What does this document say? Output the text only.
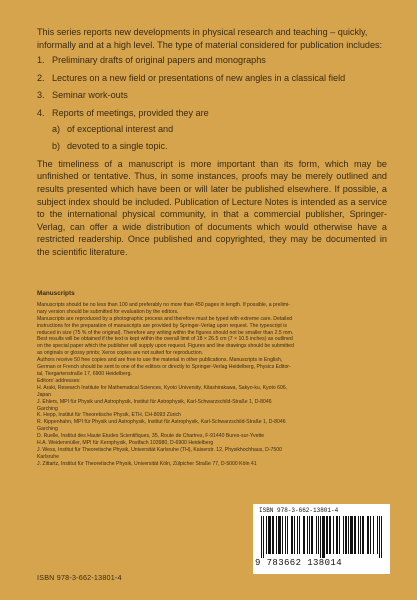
This series reports new developments in physical research and teaching – quickly, informally and at a high level. The type of material considered for publication includes:

1. Preliminary drafts of original papers and monographs
2. Lectures on a new field or presentations of new angles in a classical field
3. Seminar work-outs
4. Reports of meetings, provided they are
a) of exceptional interest and
b) devoted to a single topic.

The timeliness of a manuscript is more important than its form, which may be unfinished or tentative. Thus, in some instances, proofs may be merely outlined and results presented which have been or will later be published elsewhere. If possible, a subject index should be included. Publication of Lecture Notes is intended as a service to the international physical community, in that a commercial publisher, Springer-Verlag, can offer a wide distribution of documents which would otherwise have a restricted readership. Once published and copyrighted, they may be documented in the scientific literature.

Manuscripts
Manuscripts should be no less than 100 and preferably no more than 450 pages in length. If possible, a prelimi-
nary version should be submitted for evaluation by the editors.
Manuscripts are reproduced by a photographic process and therefore must be typed with extreme care. Detailed
instructions for the preparation of manuscripts are provided by Springer-Verlag upon request. The typescript is
reduced in size (75 % of the original). Therefore any writing within the figures should not be smaller than 2.5 mm.
Best results will be obtained if the text is kept within the overall limit of 18 × 26.5 cm (7 × 10.5 inches) as outlined
on the special paper which the publisher will supply upon request. Figures and line drawings should be submitted
as originals or glossy prints; Xerox copies are not suited for reproduction.
Authors receive 50 free copies and are free to use the material in other publications. Manuscripts in English,
German or French should be sent to one of the editors or directly to Springer-Verlag Heidelberg, Physics Editor-
ial, Tiergartenstraße 17, 6900 Heidelberg.
Editors' addresses:
H. Araki, Research Institute for Mathematical Sciences, Kyoto University, Kitashirakawa, Sakyo-ku, Kyoto 606,
Japan
J. Ehlers, MPI für Physik und Astrophysik, Institut für Astrophysik, Karl-Schwarzschild-Straße 1, D-8046
Garching
K. Hepp, Institut für Theoretische Physik, ETH, CH-8093 Zürich
R. Kippenhahn, MPI für Physik und Astrophysik, Institut für Astrophysik, Karl-Schwarzschild-Straße 1, D-8046
Garching
D. Ruelle, Institut des Haute Etudes Scientifiques, 35, Route de Chartres, F-91440 Bures-sur-Yvette
H.A. Weidenmüller, MPI für Kernphysik, Postfach 103980, D-6900 Heidelberg
J. Wess, Institut für Theoretische Physik, Universität Karlsruhe (TH), Kaiserstr. 12, Physikhochhaus, D-7500
Karlsruhe
J. Zittartz, Institut für Theoretische Physik, Universität Köln, Zülpicher Straße 77, D-5000 Köln 41
ISBN 978-3-662-13801-4
9 783662 138014
ISBN 978-3-662-13801-4
